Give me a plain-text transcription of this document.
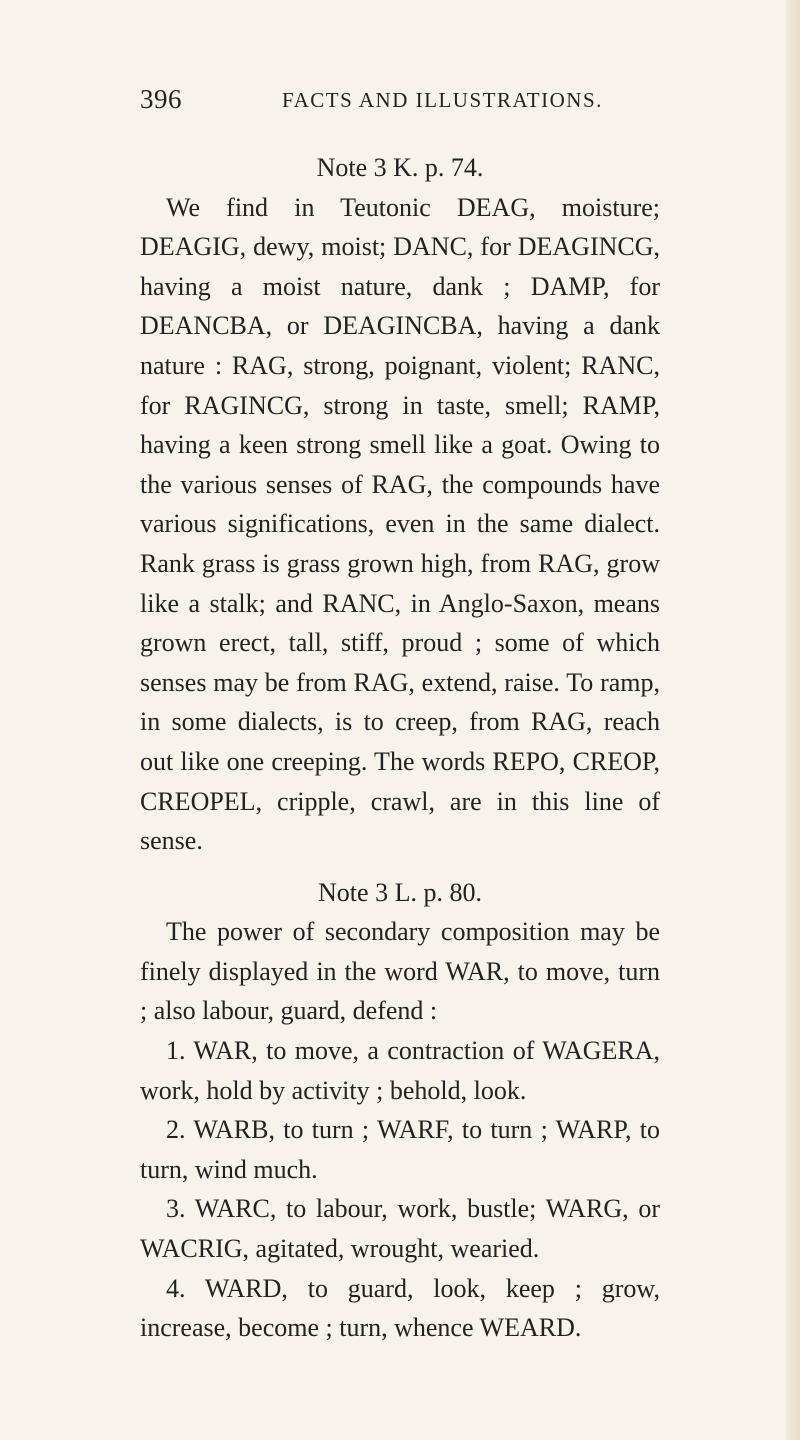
396	FACTS AND ILLUSTRATIONS.

Note 3 K. p. 74.

We find in Teutonic DEAG, moisture; DEAGIG, dewy, moist; DANC, for DEAGINCG, having a moist nature, dank ; DAMP, for DEANCBA, or DEAGINCBA, having a dank nature : RAG, strong, poignant, violent; RANC, for RAGINCG, strong in taste, smell; RAMP, having a keen strong smell like a goat. Owing to the various senses of RAG, the compounds have various significations, even in the same dialect. Rank grass is grass grown high, from RAG, grow like a stalk; and RANC, in Anglo-Saxon, means grown erect, tall, stiff, proud ; some of which senses may be from RAG, extend, raise. To ramp, in some dialects, is to creep, from RAG, reach out like one creeping. The words REPO, CREOP, CREOPEL, cripple, crawl, are in this line of sense.

Note 3 L. p. 80.

The power of secondary composition may be finely displayed in the word WAR, to move, turn ; also labour, guard, defend :

1. WAR, to move, a contraction of WAGERA, work, hold by activity ; behold, look.

2. WARB, to turn ; WARF, to turn ; WARP, to turn, wind much.

3. WARC, to labour, work, bustle; WARG, or WACRIG, agitated, wrought, wearied.

4. WARD, to guard, look, keep ; grow, increase, become ; turn, whence WEARD.
